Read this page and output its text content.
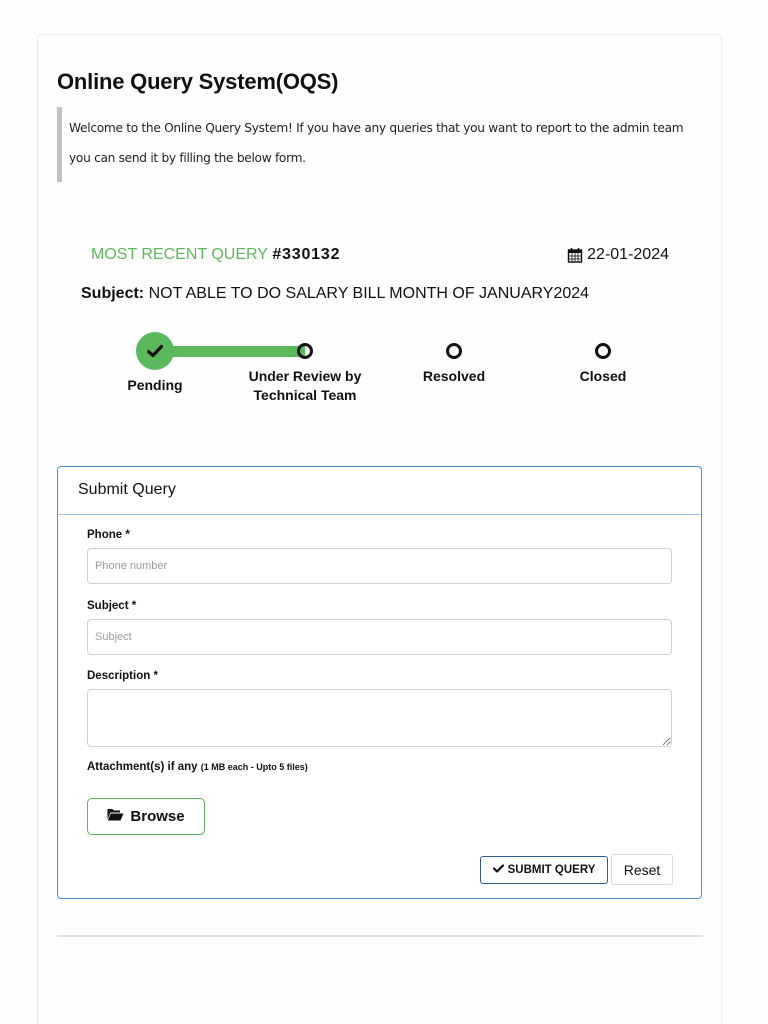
Online Query System(OQS)
Welcome to the Online Query System! If you have any queries that you want to report to the admin team you can send it by filling the below form.
MOST RECENT QUERY #330132	22-01-2024
Subject: NOT ABLE TO DO SALARY BILL MONTH OF JANUARY2024
Pending
Under Review by Technical Team
Resolved	Closed
Submit Query
Phone *
Phone number
Subject *
Subject
Description *
Attachment(s) if any (1 MB each - Upto 5 files)
Browse
SUBMIT QUERY	Reset
